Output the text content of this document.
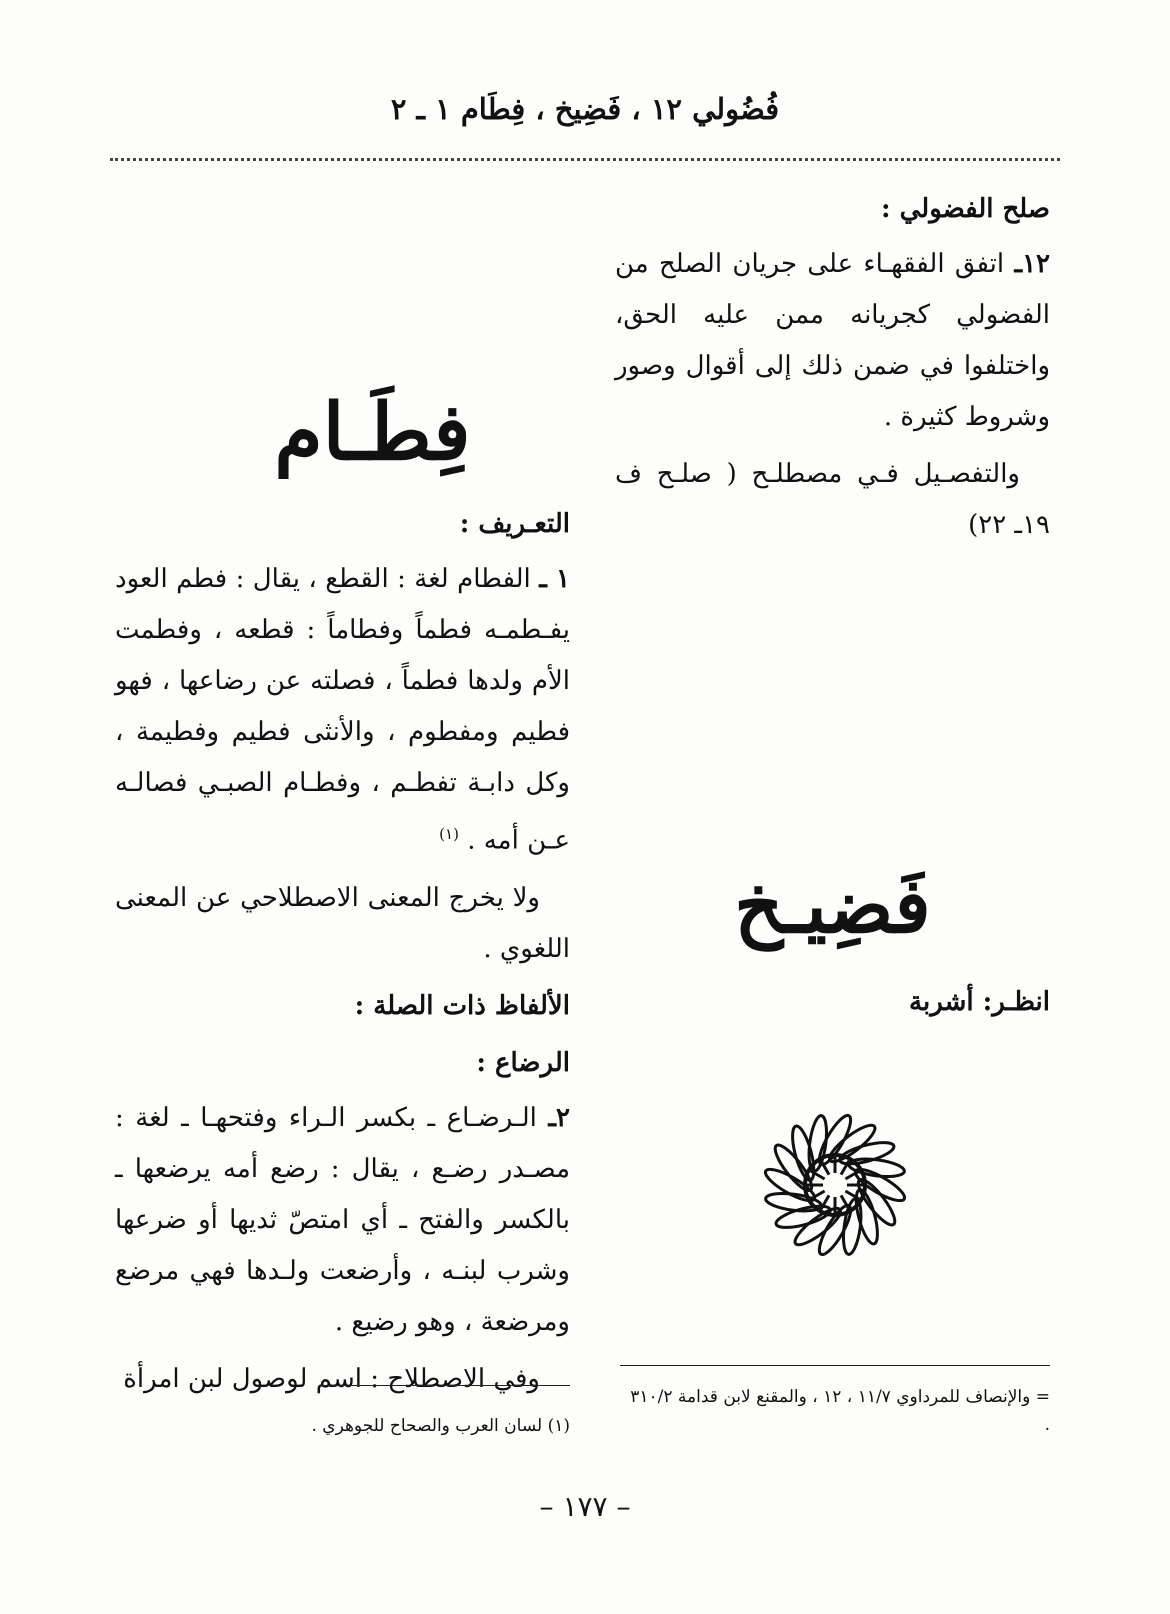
فُضُولي ١٢ ، فَضِيخ ، فِطَام ١ ـ ٢
صلح الفضولي :

١٢ـ اتفق الفقهـاء على جريان الصلح من الفضولي كجريانه ممن عليه الحق، واختلفوا في ضمن ذلك إلى أقوال وصور وشروط كثيرة .

والتفصـيل فـي مصطلـح ( صلـح ف ١٩ـ ٢٢)

فَضِيـخ
انظـر: أشربة
فِطَـام
التعـريف :

١ ـ الفطام لغة : القطع ، يقال : فطم العود يفـطمـه فطماً وفطاماً : قطعه ، وفطمت الأم ولدها فطماً ، فصلته عن رضاعها ، فهو فطيم ومفطوم ، والأنثى فطيم وفطيمة ، وكل دابـة تفطـم ، وفطـام الصبـي فصالـه عـن أمه . $^{(١)}$

ولا يخرج المعنى الاصطلاحي عن المعنى اللغوي .

الألفاظ ذات الصلة :
الرضاع :

٢ـ الـرضـاع ـ بكسر الـراء وفتحهـا ـ لغة : مصـدر رضـع ، يقال : رضع أمه يرضعها ـ بالكسر والفتح ـ أي امتصّ ثديها أو ضرعها وشرب لبنـه ، وأرضعت ولـدها فهي مرضع ومرضعة ، وهو رضيع .

وفي الاصطلاح : اسم لوصول لبن امرأة

= والإنصاف للمرداوي ١١/٧ ، ١٢ ، والمقنع لابن قدامة ٣١٠/٢ .
(١) لسان العرب والصحاح للجوهري .
– ١٧٧ –
